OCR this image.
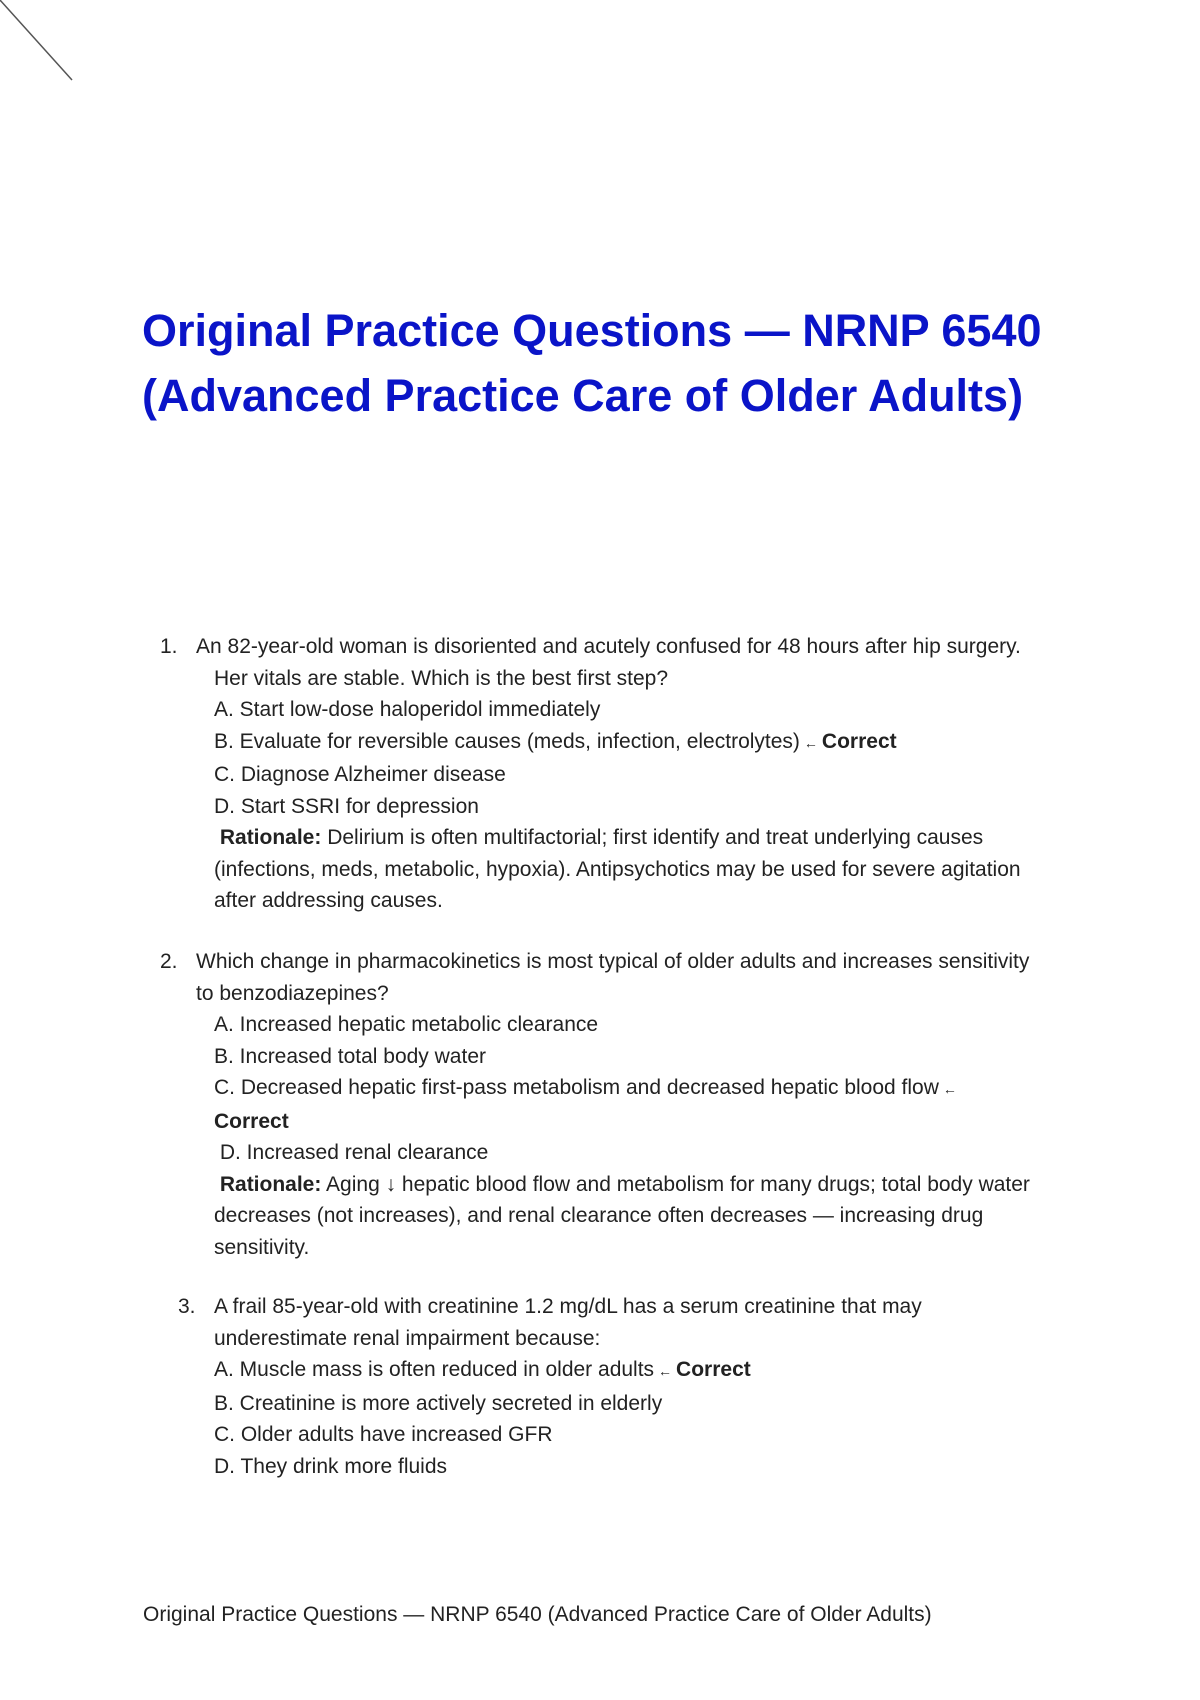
Original Practice Questions — NRNP 6540 (Advanced Practice Care of Older Adults)
1. An 82-year-old woman is disoriented and acutely confused for 48 hours after hip surgery.
Her vitals are stable. Which is the best first step?
A. Start low-dose haloperidol immediately
B. Evaluate for reversible causes (meds, infection, electrolytes) ← Correct
C. Diagnose Alzheimer disease
D. Start SSRI for depression
Rationale: Delirium is often multifactorial; first identify and treat underlying causes
(infections, meds, metabolic, hypoxia). Antipsychotics may be used for severe agitation
after addressing causes.
2. Which change in pharmacokinetics is most typical of older adults and increases sensitivity
to benzodiazepines?
A. Increased hepatic metabolic clearance
B. Increased total body water
C. Decreased hepatic first-pass metabolism and decreased hepatic blood flow ←
Correct
D. Increased renal clearance
Rationale: Aging ↓ hepatic blood flow and metabolism for many drugs; total body water
decreases (not increases), and renal clearance often decreases — increasing drug
sensitivity.
3. A frail 85-year-old with creatinine 1.2 mg/dL has a serum creatinine that may
underestimate renal impairment because:
A. Muscle mass is often reduced in older adults ← Correct
B. Creatinine is more actively secreted in elderly
C. Older adults have increased GFR
D. They drink more fluids
Original Practice Questions — NRNP 6540 (Advanced Practice Care of Older Adults)
